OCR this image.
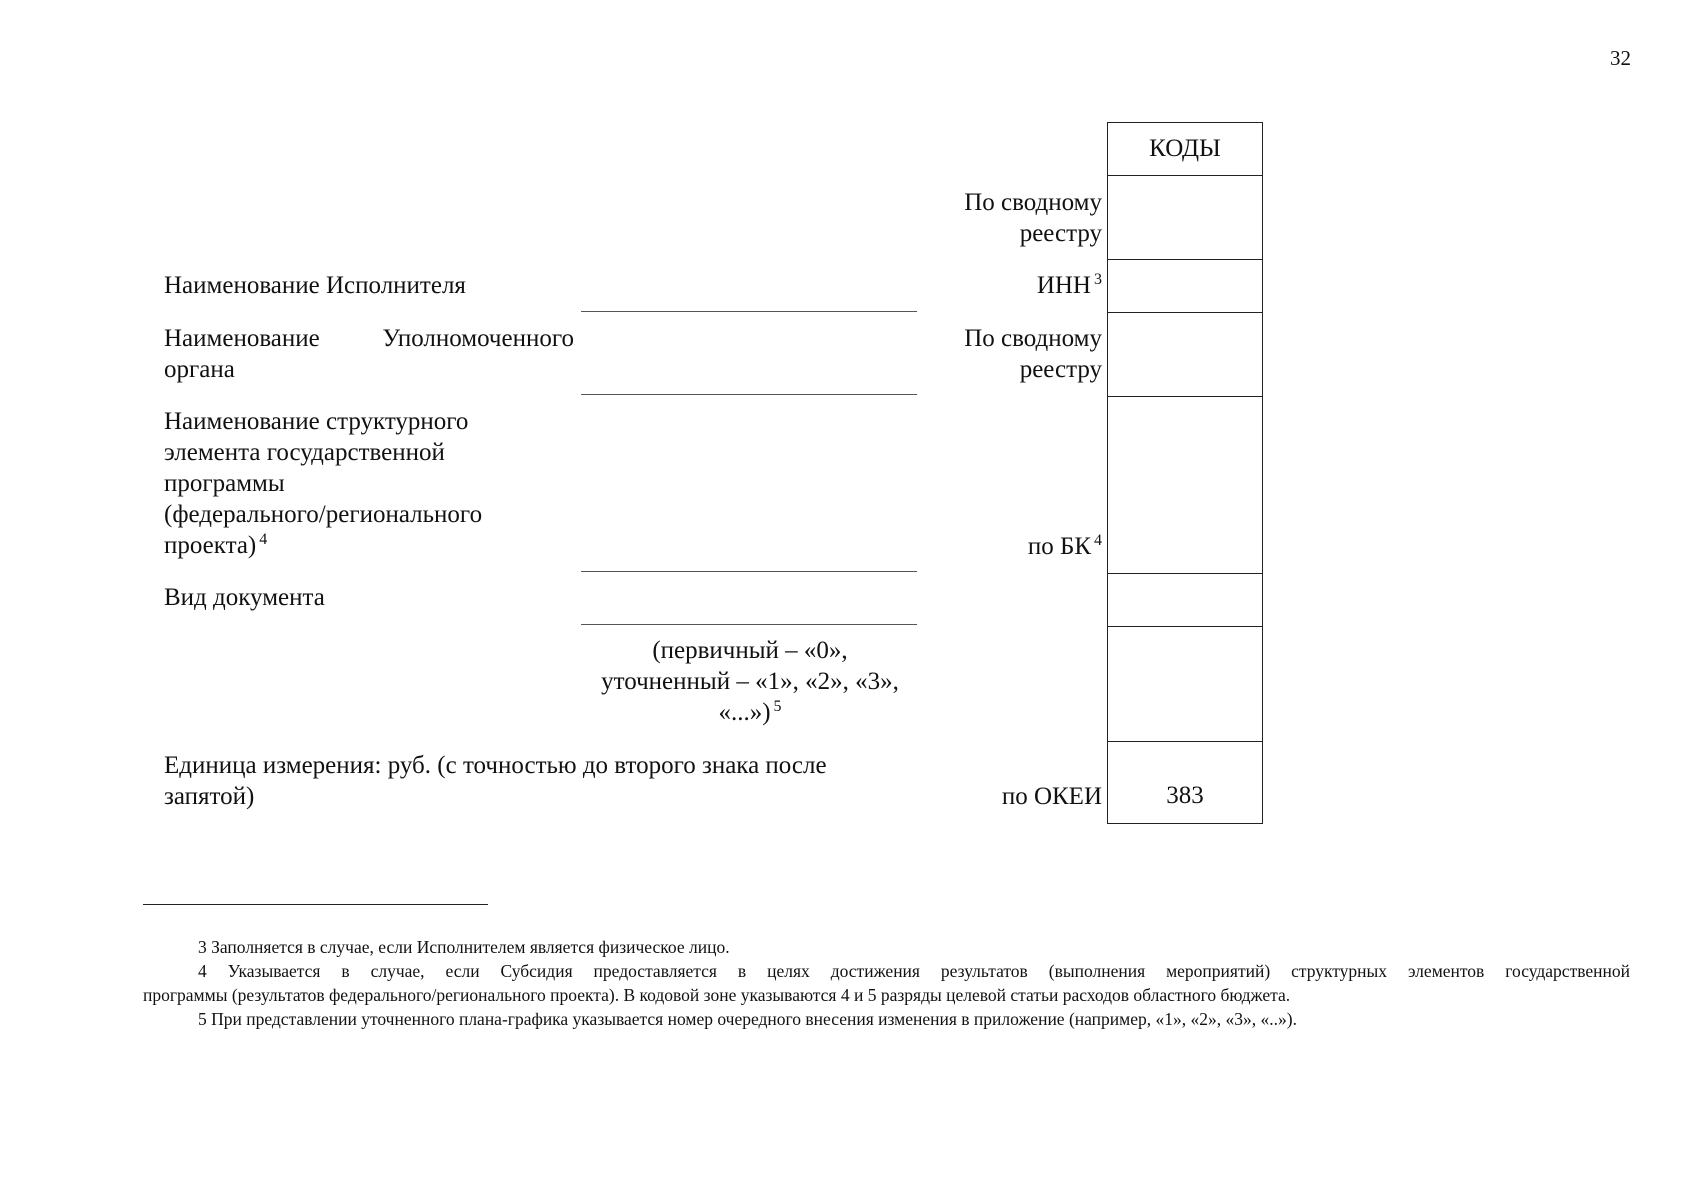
32
КОДЫ
383
По сводному
реестру
ИНН $^3$
По сводному
реестру
по БК $^4$
по ОКЕИ
Наименование Исполнителя
Наименование	Уполномоченного
органа
Наименование структурного
элемента государственной
программы
(федерального/регионального
проекта) $^4$
Вид документа
(первичный – «0»,
уточненный – «1», «2», «3»,
«...») $^5$
Единица измерения: руб. (с точностью до второго знака после
запятой)
3 Заполняется в случае, если Исполнителем является физическое лицо.
4 Указывается в случае, если Субсидия предоставляется в целях достижения результатов (выполнения мероприятий) структурных элементов государственной
программы (результатов федерального/регионального проекта). В кодовой зоне указываются 4 и 5 разряды целевой статьи расходов областного бюджета.
5 При представлении уточненного плана-графика указывается номер очередного внесения изменения в приложение (например, «1», «2», «3», «..»).
